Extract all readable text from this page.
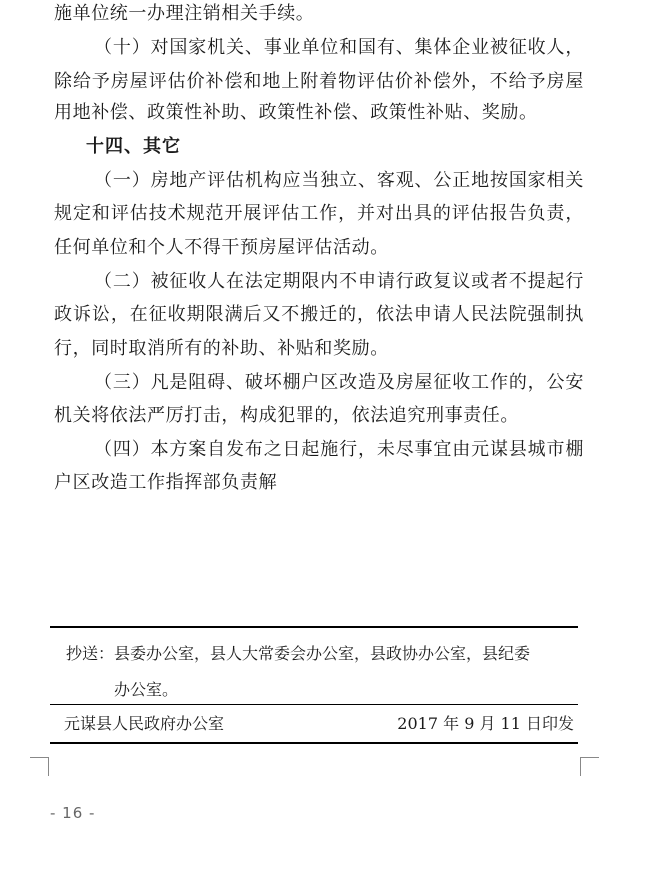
施单位统一办理注销相关手续。
（十）对国家机关、事业单位和国有、集体企业被征收人，
除给予房屋评估价补偿和地上附着物评估价补偿外，不给予房屋
用地补偿、政策性补助、政策性补偿、政策性补贴、奖励。
十四、其它
（一）房地产评估机构应当独立、客观、公正地按国家相关
规定和评估技术规范开展评估工作，并对出具的评估报告负责，
任何单位和个人不得干预房屋评估活动。
（二）被征收人在法定期限内不申请行政复议或者不提起行
政诉讼，在征收期限满后又不搬迁的，依法申请人民法院强制执
行，同时取消所有的补助、补贴和奖励。
（三）凡是阻碍、破坏棚户区改造及房屋征收工作的，公安
机关将依法严厉打击，构成犯罪的，依法追究刑事责任。
（四）本方案自发布之日起施行，未尽事宜由元谋县城市棚
户区改造工作指挥部负责解
抄送： 县委办公室，县人大常委会办公室，县政协办公室，县纪委
办公室。
元谋县人民政府办公室	2017 年 9 月 11 日印发
- 16 -
